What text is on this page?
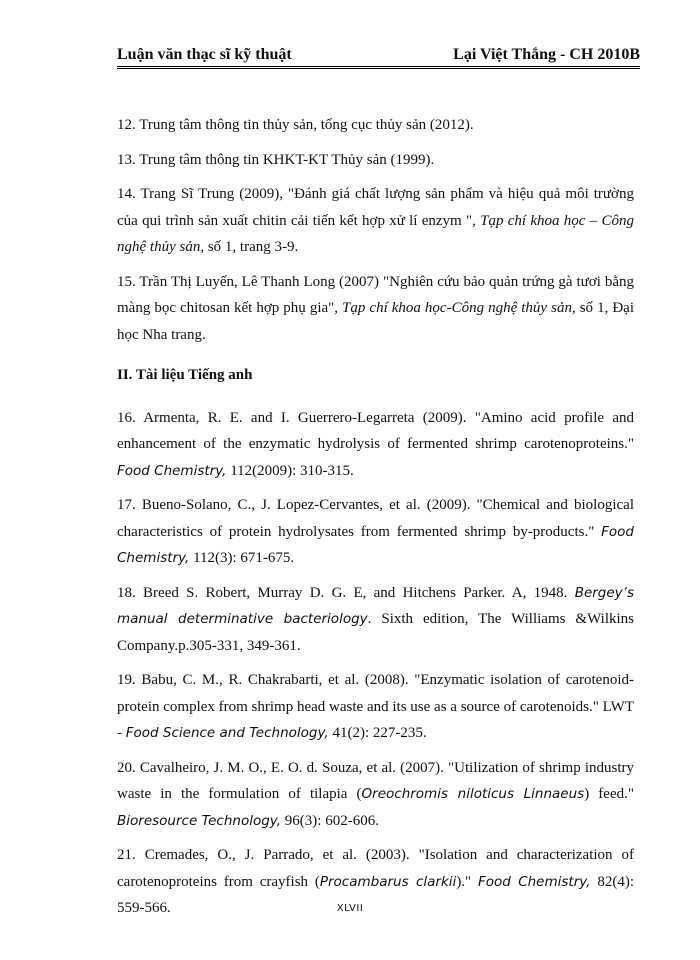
Luận văn thạc sĩ kỹ thuật	Lại Việt Thắng - CH 2010B

12. Trung tâm thông tin thủy sản, tổng cục thủy sản (2012).

13. Trung tâm thông tin KHKT-KT Thủy sản (1999).

14. Trang Sĩ Trung (2009), "Đánh giá chất lượng sản phẩm và hiệu quả môi trường của qui trình sản xuất chitin cải tiến kết hợp xử lí enzym ", Tạp chí khoa học – Công nghệ thủy sản, số 1, trang 3-9.

15. Trần Thị Luyến, Lê Thanh Long (2007) "Nghiên cứu bảo quản trứng gà tươi bằng màng bọc chitosan kết hợp phụ gia", Tạp chí khoa học-Công nghệ thủy sản, số 1, Đại học Nha trang.

II. Tài liệu Tiếng anh

16. Armenta, R. E. and I. Guerrero-Legarreta (2009). "Amino acid profile and enhancement of the enzymatic hydrolysis of fermented shrimp carotenoproteins." Food Chemistry, 112(2009): 310-315.

17. Bueno-Solano, C., J. Lopez-Cervantes, et al. (2009). "Chemical and biological characteristics of protein hydrolysates from fermented shrimp by-products." Food Chemistry, 112(3): 671-675.

18. Breed S. Robert, Murray D. G. E, and Hitchens Parker. A, 1948. Bergey’s manual determinative bacteriology. Sixth edition, The Williams &Wilkins Company.p.305-331, 349-361.

19. Babu, C. M., R. Chakrabarti, et al. (2008). "Enzymatic isolation of carotenoid-protein complex from shrimp head waste and its use as a source of carotenoids." LWT - Food Science and Technology, 41(2): 227-235.

20. Cavalheiro, J. M. O., E. O. d. Souza, et al. (2007). "Utilization of shrimp industry waste in the formulation of tilapia (Oreochromis niloticus Linnaeus) feed." Bioresource Technology, 96(3): 602-606.

21. Cremades, O., J. Parrado, et al. (2003). "Isolation and characterization of carotenoproteins from crayfish (Procambarus clarkii)." Food Chemistry, 82(4): 559-566.	XLVII
